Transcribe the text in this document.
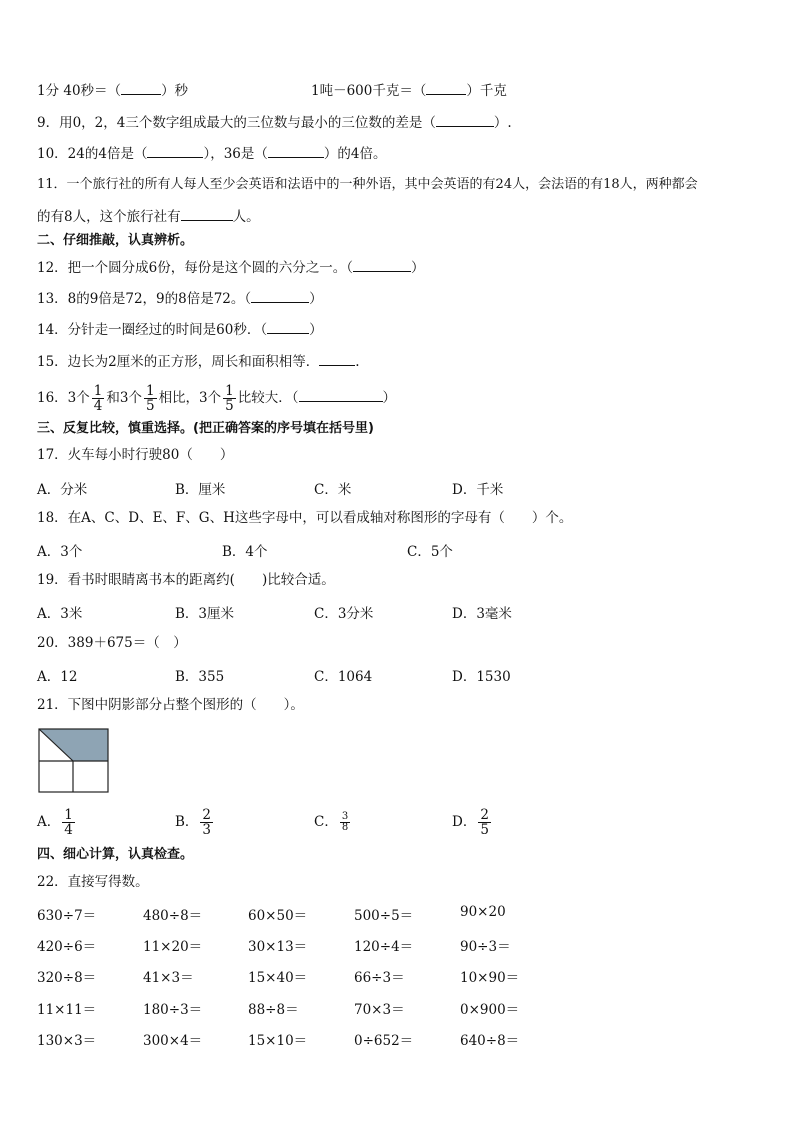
1分 40秒＝（	）秒	1吨－600千克＝（	）千克
9．用0，2，4三个数字组成最大的三位数与最小的三位数的差是（	）.
10．24的4倍是（	），36是（	）的4倍。
11．一个旅行社的所有人每人至少会英语和法语中的一种外语，其中会英语的有24人，会法语的有18人，两种都会
的有8人，这个旅行社有	人。
二、仔细推敲，认真辨析。
12．把一个圆分成6份，每份是这个圆的六分之一。（	）
13．8的9倍是72，9的8倍是72。（	）
14．分针走一圈经过的时间是60秒．（	）
15．边长为2厘米的正方形，周长和面积相等．	.
16．3个 $\frac{1}{4}$ 和3个 $\frac{1}{5}$ 相比，3个 $\frac{1}{5}$ 比较大．（	）
三、反复比较，慎重选择。(把正确答案的序号填在括号里)
17．火车每小时行驶80（　　）
A．分米	B．厘米	C．米	D．千米
18．在A、C、D、E、F、G、H这些字母中，可以看成轴对称图形的字母有（　　）个。
A．3个	B．4个	C．5个
19．看书时眼睛离书本的距离约(　　)比较合适。
A．3米	B．3厘米	C．3分米	D．3毫米
20．389＋675＝（　）
A．12	B．355	C．1064	D．1530
21．下图中阴影部分占整个图形的（　　）。
A． $\frac{1}{4}$	B． $\frac{2}{3}$	C． $\frac{3}{8}$	D． $\frac{2}{5}$
四、细心计算，认真检查。
22．直接写得数。
630÷7＝	480÷8＝	60×50＝	500÷5＝	90×20
420÷6＝	11×20＝	30×13＝	120÷4＝	90÷3＝
320÷8＝	41×3＝	15×40＝	66÷3＝	10×90＝
11×11＝	180÷3＝	88÷8＝	70×3＝	0×900＝
130×3＝	300×4＝	15×10＝	0÷652＝	640÷8＝
